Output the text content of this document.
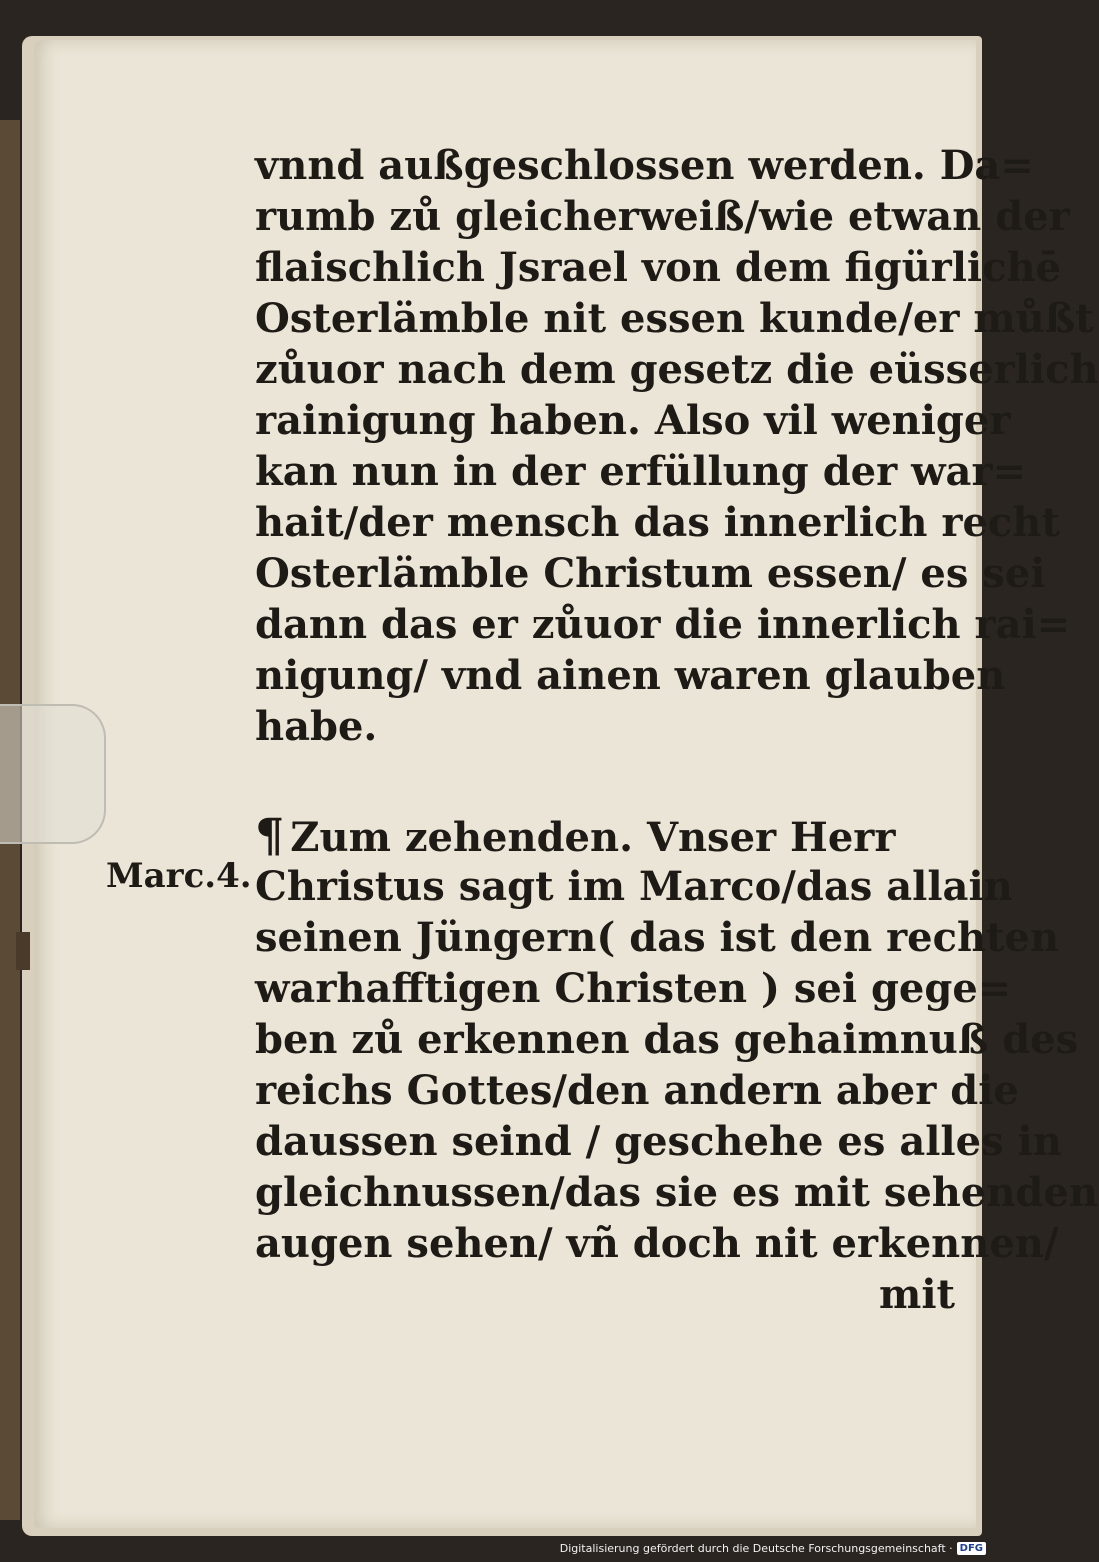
vnnd außgeschlossen werden. Da=
rumb zů gleicherweiß/wie etwan der
flaischlich Jsrael von dem figürlichē
Osterlämble nit essen kunde/er můßt
zůuor nach dem gesetz die eüsserlich
rainigung haben. Also vil weniger
kan nun in der erfüllung der war=
hait/der mensch das innerlich recht
Osterlämble Christum essen/ es sei
dann das er zůuor die innerlich rai=
nigung/ vnd ainen waren glauben
habe.
¶ Zum zehenden. Vnser Herr
Christus sagt im Marco/das allain
seinen Jüngern( das ist den rechten
warhafftigen Christen ) sei gege=
ben zů erkennen das gehaimnuß des
reichs Gottes/den andern aber die
daussen seind / geschehe es alles in
gleichnussen/das sie es mit sehenden
augen sehen/ vñ doch nit erkennen/
mit
Marc.4.
Digitalisierung gefördert durch die Deutsche Forschungsgemeinschaft · DFG
